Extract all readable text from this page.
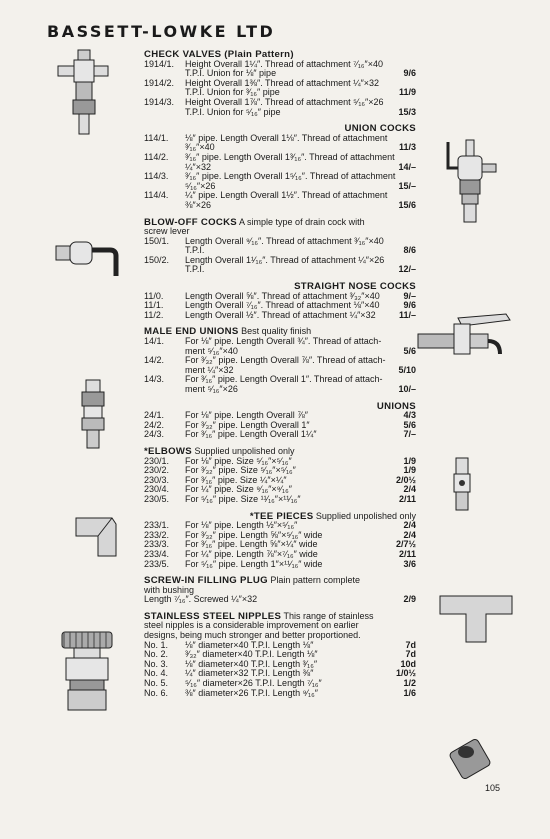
BASSETT-LOWKE LTD
CHECK VALVES (Plain Pattern)
1914/1.	Height Overall 1¼″. Thread of attachment ⁷⁄₁₆″×40
T.P.I. Union for ⅛″ pipe	9/6
1914/2.	Height Overall 1⅜″. Thread of attachment ¼″×32
T.P.I. Union for ³⁄₁₆″ pipe	11/9
1914/3.	Height Overall 1⅞″. Thread of attachment ⁵⁄₁₆″×26
T.P.I. Union for ⁵⁄₁₆″ pipe	15/3
UNION COCKS
114/1.	⅛″ pipe. Length Overall 1⅛″. Thread of attachment
³⁄₁₆″×40	11/3
114/2.	³⁄₁₆″ pipe. Length Overall 1³⁄₁₆″. Thread of attachment
¼″×32	14/–
114/3.	³⁄₁₆″ pipe. Length Overall 1⁵⁄₁₆″. Thread of attachment
⁵⁄₁₆″×26	15/–
114/4.	¼″ pipe. Length Overall 1½″. Thread of attachment
⅜″×26	15/6
BLOW-OFF COCKS A simple type of drain cock with
screw lever
150/1.	Length Overall ⁹⁄₁₆″. Thread of attachment ³⁄₁₆″×40
T.P.I.	8/6
150/2.	Length Overall 1¹⁄₁₆″. Thread of attachment ¼″×26
T.P.I.	12/–
STRAIGHT NOSE COCKS
11/0.	Length Overall ⅝″. Thread of attachment ³⁄₃₂″×40	9/–
11/1.	Length Overall ⁷⁄₁₆″. Thread of attachment ⅛″×40	9/6
11/2.	Length Overall ½″. Thread of attachment ¼″×32	11/–
MALE END UNIONS Best quality finish
14/1.	For ⅛″ pipe. Length Overall ¾″. Thread of attach-
ment ⁵⁄₁₆″×40	5/6
14/2.	For ³⁄₃₂″ pipe. Length Overall ⅞″. Thread of attach-
ment ¼″×32	5/10
14/3.	For ³⁄₁₆″ pipe. Length Overall 1″. Thread of attach-
ment ⁵⁄₁₆″×26	10/–
UNIONS
24/1.	For ⅛″ pipe. Length Overall ⅞″	4/3
24/2.	For ³⁄₃₂″ pipe. Length Overall 1″	5/6
24/3.	For ³⁄₁₆″ pipe. Length Overall 1¼″	7/–
*ELBOWS Supplied unpolished only
230/1.	For ⅛″ pipe. Size ⁵⁄₁₆″×⁵⁄₁₆″	1/9
230/2.	For ³⁄₃₂″ pipe. Size ⁵⁄₁₆″×⁵⁄₁₆″	1/9
230/3.	For ³⁄₁₆″ pipe. Size ¼″×¼″	2/0½
230/4.	For ¼″ pipe. Size ⁹⁄₁₆″×⁹⁄₁₆″	2/4
230/5.	For ⁵⁄₁₆″ pipe. Size ¹¹⁄₁₆″×¹¹⁄₁₆″	2/11
*TEE PIECES Supplied unpolished only
233/1.	For ⅛″ pipe. Length ½″×⁵⁄₁₆″	2/4
233/2.	For ³⁄₃₂″ pipe. Length ⅝″×⁵⁄₁₆″ wide	2/4
233/3.	For ³⁄₁₆″ pipe. Length ⅝″×¼″ wide	2/7½
233/4.	For ¼″ pipe. Length ⅞″×⁷⁄₁₆″ wide	2/11
233/5.	For ⁵⁄₁₆″ pipe. Length 1″×¹¹⁄₁₆″ wide	3/6
SCREW-IN FILLING PLUG Plain pattern complete
with bushing
Length ⁷⁄₁₆″. Screwed ¼″×32	2/9
STAINLESS STEEL NIPPLES This range of stainless
steel nipples is a considerable improvement on earlier
designs, being much stronger and better proportioned.
No. 1.	⅛″ diameter×40 T.P.I. Length ⅛″	7d
No. 2.	³⁄₃₂″ diameter×40 T.P.I. Length ⅛″	7d
No. 3.	⅛″ diameter×40 T.P.I. Length ³⁄₁₆″	10d
No. 4.	¼″ diameter×32 T.P.I. Length ⅜″	1/0½
No. 5.	⁵⁄₁₆″ diameter×26 T.P.I. Length ⁷⁄₁₆″	1/2
No. 6.	⅜″ diameter×26 T.P.I. Length ⁹⁄₁₆″	1/6
105
